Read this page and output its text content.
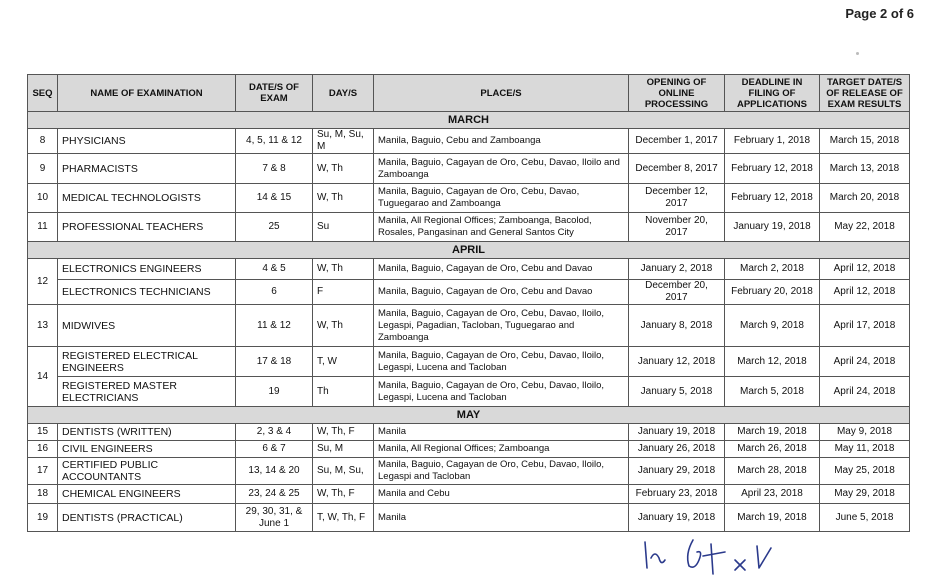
Page 2 of 6
SEQ	NAME OF EXAMINATION	DATE/S OF EXAM	DAY/S	PLACE/S	OPENING OF ONLINE PROCESSING	DEADLINE IN FILING OF APPLICATIONS	TARGET DATE/S OF RELEASE OF EXAM RESULTS
MARCH							
8	PHYSICIANS	4, 5, 11 & 12	Su, M, Su, M	Manila, Baguio, Cebu and Zamboanga	December 1, 2017	February 1, 2018	March 15, 2018
9	PHARMACISTS	7 & 8	W, Th	Manila, Baguio, Cagayan de Oro, Cebu, Davao, Iloilo and Zamboanga	December 8, 2017	February 12, 2018	March 13, 2018
10	MEDICAL TECHNOLOGISTS	14 & 15	W, Th	Manila, Baguio, Cagayan de Oro, Cebu, Davao, Tuguegarao and Zamboanga	December 12, 2017	February 12, 2018	March 20, 2018
11	PROFESSIONAL TEACHERS	25	Su	Manila, All Regional Offices; Zamboanga, Bacolod, Rosales, Pangasinan and General Santos City	November 20, 2017	January 19, 2018	May 22, 2018
APRIL							
12	ELECTRONICS ENGINEERS	4 & 5	W, Th	Manila, Baguio, Cagayan de Oro, Cebu and Davao	January 2, 2018	March 2, 2018	April 12, 2018
	ELECTRONICS TECHNICIANS	6	F	Manila, Baguio, Cagayan de Oro, Cebu and Davao	December 20, 2017	February 20, 2018	April 12, 2018
13	MIDWIVES	11 & 12	W, Th	Manila, Baguio, Cagayan de Oro, Cebu, Davao, Iloilo, Legaspi, Pagadian, Tacloban, Tuguegarao and Zamboanga	January 8, 2018	March 9, 2018	April 17, 2018
14	REGISTERED ELECTRICAL ENGINEERS	17 & 18	T, W	Manila, Baguio, Cagayan de Oro, Cebu, Davao, Iloilo, Legaspi, Lucena and Tacloban	January 12, 2018	March 12, 2018	April 24, 2018
	REGISTERED MASTER ELECTRICIANS	19	Th	Manila, Baguio, Cagayan de Oro, Cebu, Davao, Iloilo, Legaspi, Lucena and Tacloban	January 5, 2018	March 5, 2018	April 24, 2018
MAY							
15	DENTISTS (WRITTEN)	2, 3 & 4	W, Th, F	Manila	January 19, 2018	March 19, 2018	May 9, 2018
16	CIVIL ENGINEERS	6 & 7	Su, M	Manila, All Regional Offices; Zamboanga	January 26, 2018	March 26, 2018	May 11, 2018
17	CERTIFIED PUBLIC ACCOUNTANTS	13, 14 & 20	Su, M, Su,	Manila, Baguio, Cagayan de Oro, Cebu, Davao, Iloilo, Legaspi and Tacloban	January 29, 2018	March 28, 2018	May 25, 2018
18	CHEMICAL ENGINEERS	23, 24 & 25	W, Th, F	Manila and Cebu	February 23, 2018	April 23, 2018	May 29, 2018
19	DENTISTS (PRACTICAL)	29, 30, 31, & June 1	T, W, Th, F	Manila	January 19, 2018	March 19, 2018	June 5, 2018
